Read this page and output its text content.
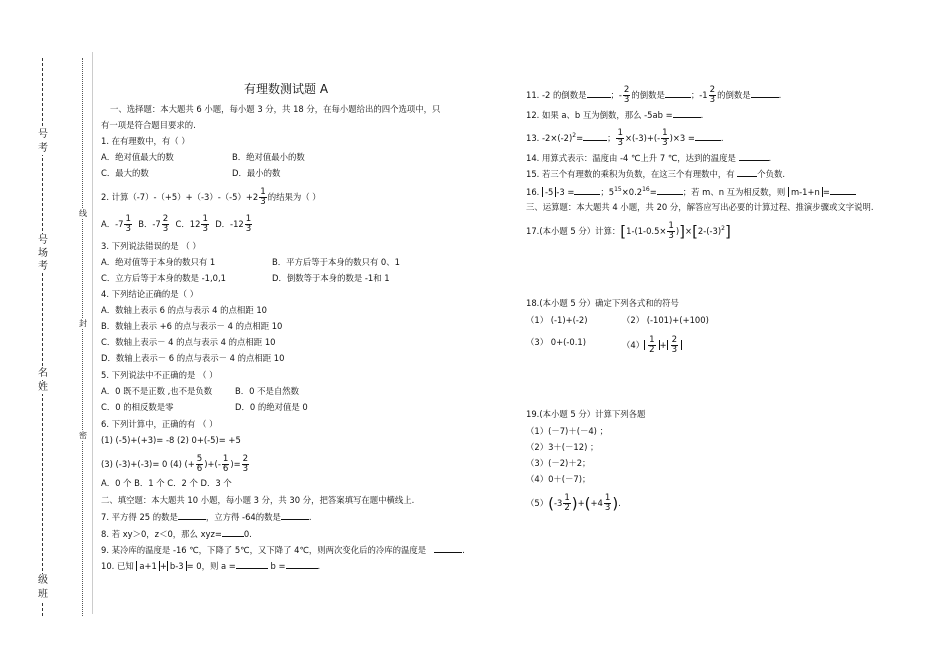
号
考
号
场
考
名
姓
级
班
线
封
密
有理数测试题 A
一、选择题：本大题共 6 小题，每小题 3 分，共 18 分，在每小题给出的四个选项中，只
有一项是符合题目要求的.
1. 在有理数中，有（ ）
A．绝对值最大的数	B．绝对值最小的数
C．最大的数	D．最小的数
2. 计算$(-7)-(+5)+(-3)-(-5)+2 \frac{1}{3}$ 的结果为（ ）
A．$-7 \frac{1}{3}$ B．$-7 \frac{2}{3}$ C．$12 \frac{1}{3}$ D．$-12 \frac{1}{3}$
3. 下列说法错误的是 （ ）
A．绝对值等于本身的数只有 1	B．平方后等于本身的数只有 0、1
C．立方后等于本身的数是 -1,0,1	D．倒数等于本身的数是 -1和 1
4. 下列结论正确的是（ ）
A．数轴上表示 6 的点与表示 4 的点相距 10
B．数轴上表示 +6 的点与表示－ 4 的点相距 10
C．数轴上表示－ 4 的点与表示 4 的点相距 10
D．数轴上表示－ 6 的点与表示－ 4 的点相距 10
5. 下列说法中不正确的是 （ ）
A．0 既不是正数 ,也不是负数	B．0 不是自然数
C．0 的相反数是零	D．0 的绝对值是 0
6. 下列计算中，正确的有 （ ）
(1) (-5)+(+3)= -8 (2) 0+(-5)= +5
(3) (-3)+(-3)= 0 (4) (+ $\frac{5}{6}$ )+(- $\frac{1}{6}$ )= $\frac{2}{3}$
A．0 个 B．1 个 C．2 个 D．3 个
二、填空题：本大题共 10 小题，每小题 3 分，共 30 分，把答案填写在题中横线上.
7. 平方得 25 的数是	，立方得 -64的数是	.
8. 若 xy＞0，z＜0，那么 xyz=	0.
9. 某冷库的温度是 -16 ℃，下降了 5℃，又下降了 4℃，则两次变化后的冷库的温度是	.
10. 已知 a+1 + b-3 = 0，则 a =	b =	.
11. -2 的倒数是	；- $\frac{2}{3}$ 的倒数是	；$-1 \frac{2}{3}$ 的倒数是	.
12. 如果 a、b 互为倒数，那么 -5ab =	.
13. $-2\times(-2)^2=$	； $\frac{1}{3} \times(-3)+(- \frac{1}{3} )\times 3$ =	.
14. 用算式表示：温度由 -4 ℃上升 7 ℃，达到的温度是	.
15. 若三个有理数的乘积为负数，在这三个有理数中，有	个负数.
16. -5 -3 =	；$5^{15}\times 0.2^{16}=$	；若 m、n 互为相反数，则 m-1+n =
三、运算题：本大题共 4 小题，共 20 分，解答应写出必要的计算过程、推演步骤或文字说明.
17.(本小题 5 分）计算：$[1-(1-0.5\times \frac{1}{3} )]\times[2-(-3)^2]$
18.(本小题 5 分）确定下列各式和的符号
（1） (-1)+(-2)	（2） (-101)+(+100)
（3） 0+(-0.1)	$(4) \frac{1}{2} + \frac{2}{3}$
19.(本小题 5 分）计算下列各题
（1）(－7)＋(－4) ；
（2）3＋(－12) ；
（3）(－2)＋2；
（4）0＋(－7)；
$(5)(-3 \frac{1}{2} )+(+4 \frac{1}{3}$ ).
